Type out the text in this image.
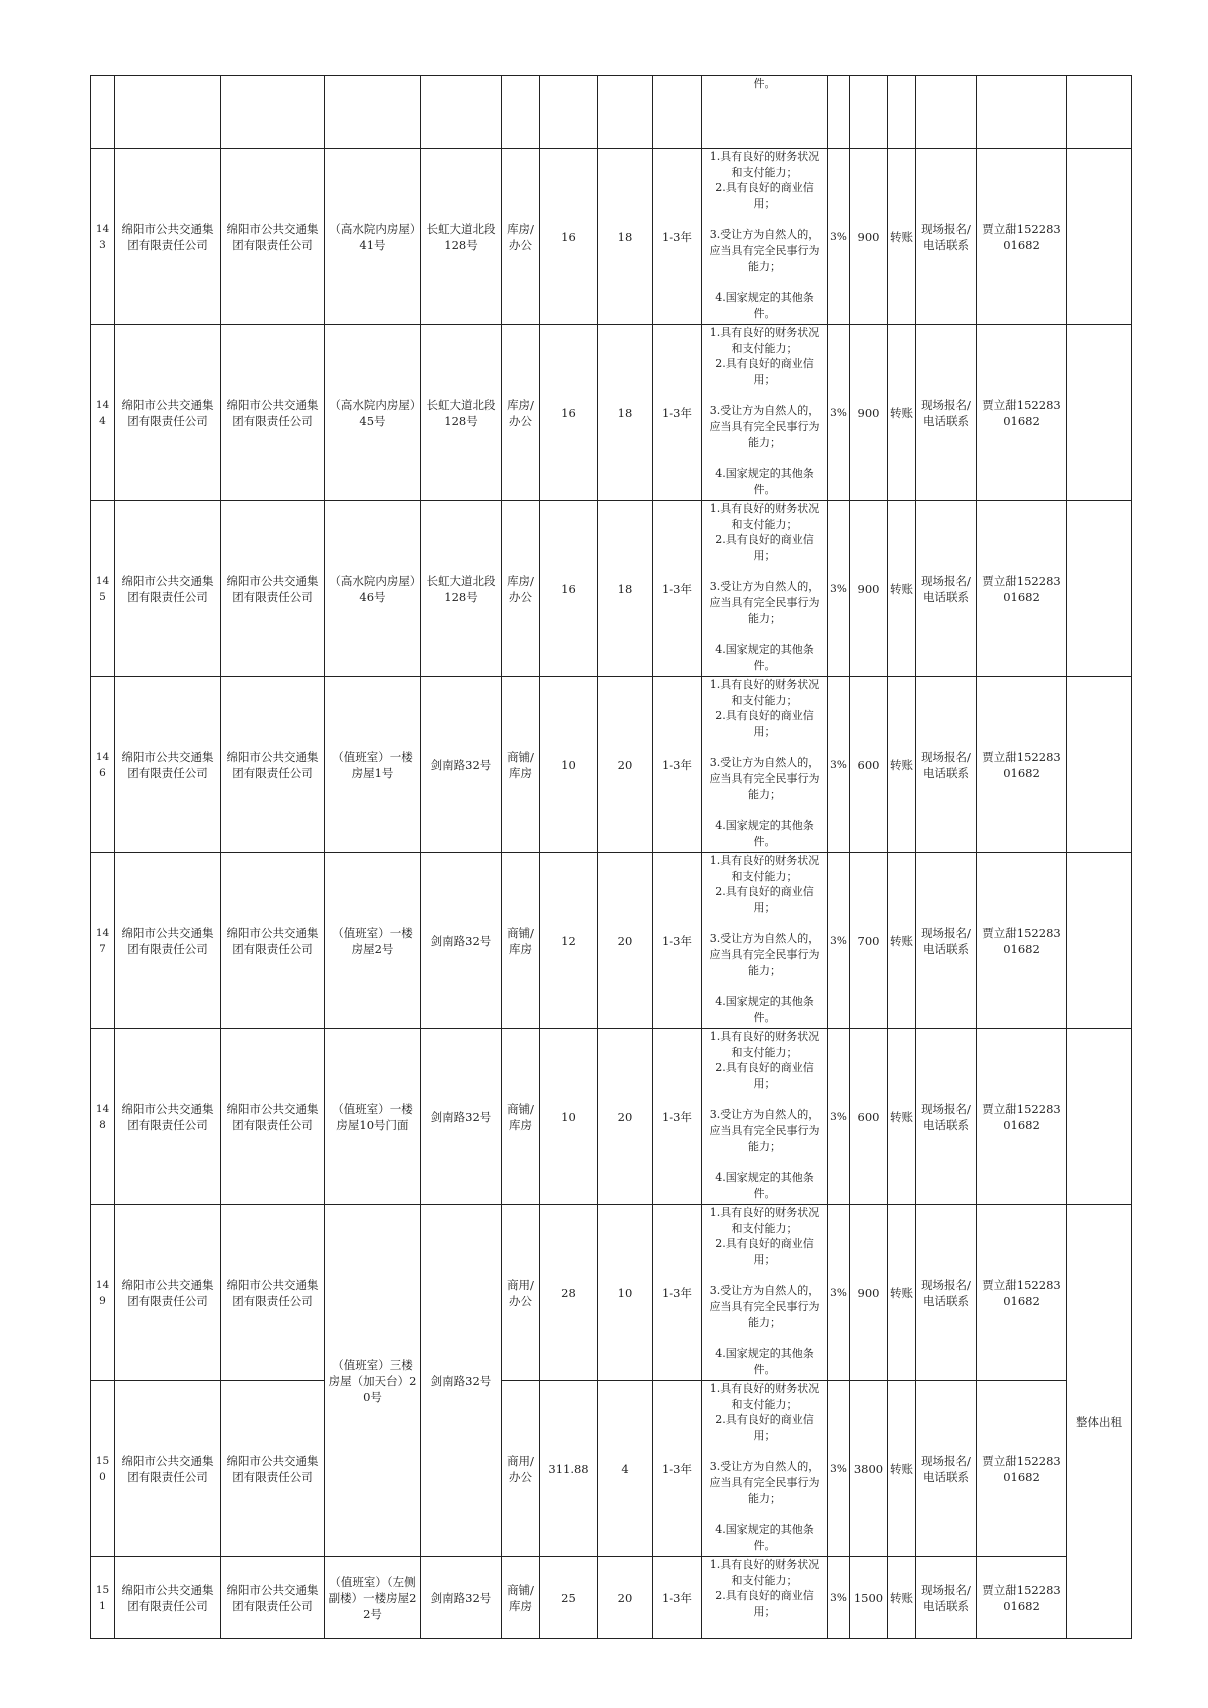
									件。						

143	绵阳市公共交通集团有限责任公司	绵阳市公共交通集团有限责任公司	（高水院内房屋）41号	长虹大道北段128号	库房/办公	16	18	1-3年	1.具有良好的财务状况和支付能力；
2.具有良好的商业信用；
3.受让方为自然人的，应当具有完全民事行为能力；
4.国家规定的其他条件。	3%	900	转账	现场报名/电话联系	贾立甜15228301682	
144	绵阳市公共交通集团有限责任公司	绵阳市公共交通集团有限责任公司	（高水院内房屋）45号	长虹大道北段128号	库房/办公	16	18	1-3年	1.具有良好的财务状况和支付能力；
2.具有良好的商业信用；
3.受让方为自然人的，应当具有完全民事行为能力；
4.国家规定的其他条件。	3%	900	转账	现场报名/电话联系	贾立甜15228301682	
145	绵阳市公共交通集团有限责任公司	绵阳市公共交通集团有限责任公司	（高水院内房屋）46号	长虹大道北段128号	库房/办公	16	18	1-3年	1.具有良好的财务状况和支付能力；
2.具有良好的商业信用；
3.受让方为自然人的，应当具有完全民事行为能力；
4.国家规定的其他条件。	3%	900	转账	现场报名/电话联系	贾立甜15228301682	
146	绵阳市公共交通集团有限责任公司	绵阳市公共交通集团有限责任公司	（值班室）一楼房屋1号	剑南路32号	商铺/库房	10	20	1-3年	1.具有良好的财务状况和支付能力；
2.具有良好的商业信用；
3.受让方为自然人的，应当具有完全民事行为能力；
4.国家规定的其他条件。	3%	600	转账	现场报名/电话联系	贾立甜15228301682	
147	绵阳市公共交通集团有限责任公司	绵阳市公共交通集团有限责任公司	（值班室）一楼房屋2号	剑南路32号	商铺/库房	12	20	1-3年	1.具有良好的财务状况和支付能力；
2.具有良好的商业信用；
3.受让方为自然人的，应当具有完全民事行为能力；
4.国家规定的其他条件。	3%	700	转账	现场报名/电话联系	贾立甜15228301682	
148	绵阳市公共交通集团有限责任公司	绵阳市公共交通集团有限责任公司	（值班室）一楼房屋10号门面	剑南路32号	商铺/库房	10	20	1-3年	1.具有良好的财务状况和支付能力；
2.具有良好的商业信用；
3.受让方为自然人的，应当具有完全民事行为能力；
4.国家规定的其他条件。	3%	600	转账	现场报名/电话联系	贾立甜15228301682	
149	绵阳市公共交通集团有限责任公司	绵阳市公共交通集团有限责任公司	（值班室）三楼房屋（加天台）20号	剑南路32号	商用/办公	28	10	1-3年	1.具有良好的财务状况和支付能力；
2.具有良好的商业信用；
3.受让方为自然人的，应当具有完全民事行为能力；
4.国家规定的其他条件。	3%	900	转账	现场报名/电话联系	贾立甜15228301682	整体出租
150	绵阳市公共交通集团有限责任公司	绵阳市公共交通集团有限责任公司			商用/办公	311.88	4	1-3年	1.具有良好的财务状况和支付能力；
2.具有良好的商业信用；
3.受让方为自然人的，应当具有完全民事行为能力；
4.国家规定的其他条件。	3%	3800	转账	现场报名/电话联系	贾立甜15228301682	
151	绵阳市公共交通集团有限责任公司	绵阳市公共交通集团有限责任公司	（值班室）（左侧副楼）一楼房屋22号	剑南路32号	商铺/库房	25	20	1-3年	1.具有良好的财务状况和支付能力；
2.具有良好的商业信用；	3%	1500	转账	现场报名/电话联系	贾立甜15228301682	
